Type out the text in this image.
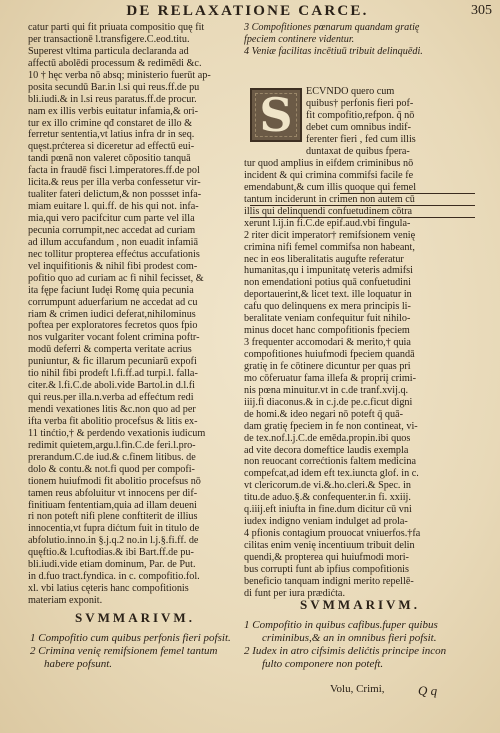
DE RELAXATIONE CARCE.	305
catur parti qui fit priuata compositio quę fit
per transactionē l.transfigere.C.eod.titu.
Superest vltima particula declaranda ad
affectū abolēdi processum & redimēdi &c.
10 † hęc verba nō absq; ministerio fuerūt ap-
posita secundū Bar.in l.si qui reus.ff.de pu
bli.iudi.& in l.si reus paratus.ff.de procur.
nam ex illis verbis euitatur infamia,& ori-
tur ex illo crimine qđ constaret de illo &
ferretur sententia,vt latius infra dr in seq.
quęst.prćterea si diceretur ad effectū eui-
tandi pœnā non valeret cōpositio tanquā
facta in fraudē fisci l.imperatores.ff.de pol
licita.& reus per illa verba confessetur vir-
tualiter fateri delictum,& non possset infa-
miam euitare l. qui.ff. de his qui not. infa-
mia,qui vero pacifcitur cum parte vel illa
pecunia corrumpit,nec accedat ad curiam
ad illum accufandum , non euadit infamiā
nec tollitur propterea effećtus accufationis
vel inquifitionis & nihil fibi prodest com-
pofitio quo ad curiam ac fi nihil fecisset, &
ita fępe faciunt Iudęi Romę quia pecunia
corrumpunt aduerfarium ne accedat ad cu
riam & crimen iudici deferat,nihilominus
poftea per exploratores fecretos quos fpio
nos vulgariter vocant folent crimina poftr-
modū deferri & comperta veritate acrius
puniuntur, & fic illarum pecuniarū expofi
tio nihil fibi prodeft l.fi.ff.ad turpi.l. falla-
citer.& l.fi.C.de aboli.vide Bartol.in d.l.fi
qui reus.per illa.n.verba ad effećtum redi
mendi vexationes litis &c.non quo ad per
ifta verba fit abolitio procefsus & litis ex-
11 tinćtio,† & perdendo vexationis iudicum
redimit quietem,argu.l.fin.C.de feri.l.pro-
prerandum.C.de iud.& c.finem litibus. de
dolo & contu.& not.fi quod per compofi-
tionem huiufmodi fit abolitio procefsus nō
tamen reus abfoluitur vt innocens per dif-
finitiuam fententiam,quia ad illam deueni
ri non poteft nifi plene conftiterit de illius
innocentia,vt fupra dićtum fuit in titulo de
abfolutio.inno.in §.j.q.2 no.in l.j.§.fi.ff. de
quęftio.& l.cuftodias.& ibi Bart.ff.de pu-
bli.iudi.vide etiam dominum, Par. de Put.
in d.fuo tract.fyndica. in c. compofitio.fol.
xl. vbi latius cęteris hanc compofitionis
materiam exponit.
3 Compofitiones pœnarum quandam gratię
fpeciem continere videntur.
4 Veniæ facilitas incētiuū tribuit delinquēdi.
S ECVNDO quero cum
quibus† perfonis fieri pof-
fit compofitio,refpon. q̄ nō
debet cum omnibus indif-
ferenter fieri , fed cum illis
duntaxat de quibus fpera-
tur quod amplius in eifdem criminibus nō
incident & qui crimina commifsi facile fe
emendabunt,& cum illis quoque qui femel
tantum inciderunt in crimen non autem cū
illis qui delinquendi confuetudinem cōtra
xerunt l.ij.in fi.C.de epif.aud.vbi fingula-
2 riter dicit imperator† remifsionem venię
crimina nifi femel commifsa non habeant,
nec in eos liberalitatis augufte referatur
humanitas,qu i impunitatę veteris admifsi
non emendationi potius quā confuetudini
deportauerint,& licet text. ille loquatur in
cafu quo delinquens ex mera principis li-
beralitate veniam confequitur fuit nihilo-
minus docet hanc compofitionis fpeciem
3 frequenter accomodari & merito,† quia
compofitiones huiufmodi fpeciem quandā
gratię in fe cōtinere dicuntur per quas pri
mo cōferuatur fama illefa & propriį crimi-
nis pœna minuitur.vt in c.de tranf.xvij.q.
iiij.fi diaconus.& in c.j.de pe.c.ficut digni
de homi.& ideo negari nō poteft q̄ quā-
dam gratię fpeciem in fe non contineat, vi-
de tex.nof.l.j.C.de emēda.propin.ibi quos
ad vite decora domeftice laudis exempla
non reuocant correćtionis faltem medicina
compefcat,ad idem eft tex.iuncta glof. in c.
vt clericorum.de vi.&.ho.cleri.& Spec. in
titu.de aduo.§.& confequenter.in fi. xxiij.
q.iiij.eft iniufta in fine.dum dicitur cū vni
iudex indigno veniam indulget ad prola-
4 pfionis contagium prouocat vniuerfos.†fa
cilitas enim venię incentiuum tribuit delin
quendi,& propterea qui huiufmodi mori-
bus corrupti funt ab ipfius compofitionis
beneficio tanquam indigni merito repellē-
di funt per iura prædićta.
SVMMARIVM.
1 Compofitio cum quibus perfonis fieri pofsit.
2 Crimina venię remifsionem femel tantum
habere pofsunt.
SVMMARIVM.
1 Compofitio in quibus cafibus.fuper quibus
criminibus,& an in omnibus fieri pofsit.
2 Iudex in atro cifsimis delićtis principe incon
fulto componere non poteft.
Volu, Crimi,	Q q
